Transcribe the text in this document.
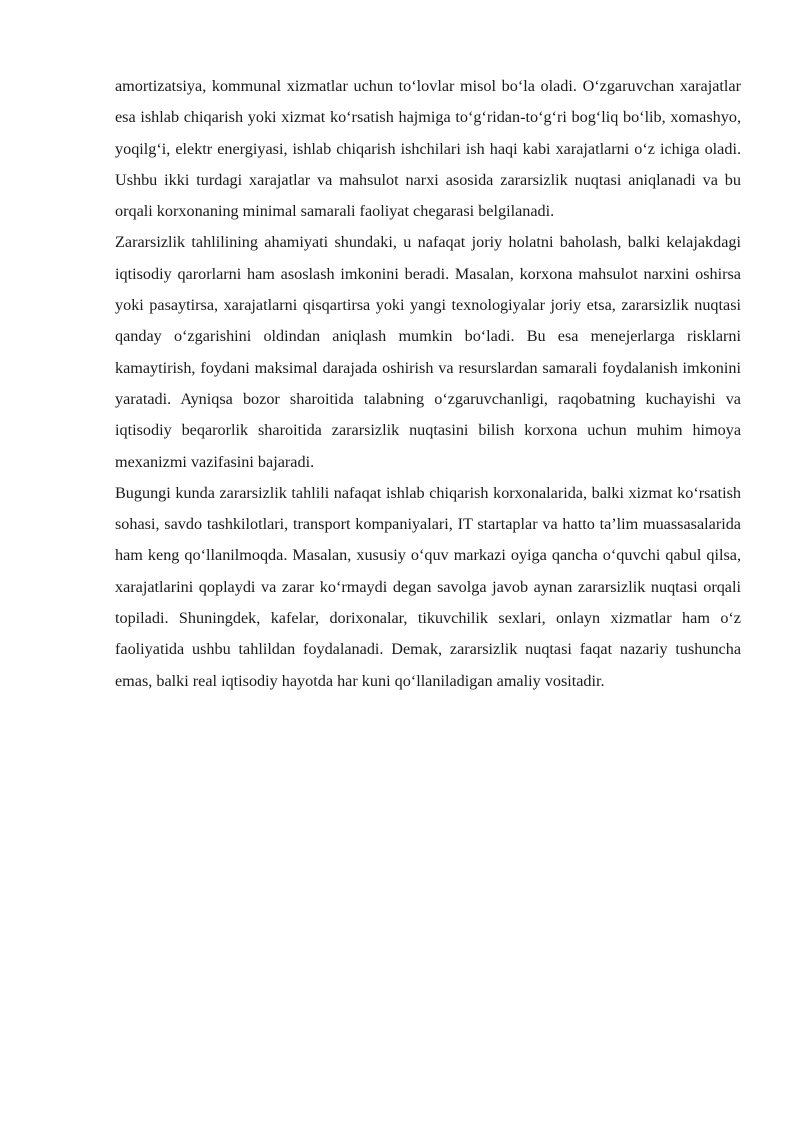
amortizatsiya, kommunal xizmatlar uchun to‘lovlar misol bo‘la oladi. O‘zgaruvchan xarajatlar esa ishlab chiqarish yoki xizmat ko‘rsatish hajmiga to‘g‘ridan-to‘g‘ri bog‘liq bo‘lib, xomashyo, yoqilg‘i, elektr energiyasi, ishlab chiqarish ishchilari ish haqi kabi xarajatlarni o‘z ichiga oladi. Ushbu ikki turdagi xarajatlar va mahsulot narxi asosida zararsizlik nuqtasi aniqlanadi va bu orqali korxonaning minimal samarali faoliyat chegarasi belgilanadi.

Zararsizlik tahlilining ahamiyati shundaki, u nafaqat joriy holatni baholash, balki kelajakdagi iqtisodiy qarorlarni ham asoslash imkonini beradi. Masalan, korxona mahsulot narxini oshirsa yoki pasaytirsa, xarajatlarni qisqartirsa yoki yangi texnologiyalar joriy etsa, zararsizlik nuqtasi qanday o‘zgarishini oldindan aniqlash mumkin bo‘ladi. Bu esa menejerlarga risklarni kamaytirish, foydani maksimal darajada oshirish va resurslardan samarali foydalanish imkonini yaratadi. Ayniqsa bozor sharoitida talabning o‘zgaruvchanligi, raqobatning kuchayishi va iqtisodiy beqarorlik sharoitida zararsizlik nuqtasini bilish korxona uchun muhim himoya mexanizmi vazifasini bajaradi.

Bugungi kunda zararsizlik tahlili nafaqat ishlab chiqarish korxonalarida, balki xizmat ko‘rsatish sohasi, savdo tashkilotlari, transport kompaniyalari, IT startaplar va hatto ta’lim muassasalarida ham keng qo‘llanilmoqda. Masalan, xususiy o‘quv markazi oyiga qancha o‘quvchi qabul qilsa, xarajatlarini qoplaydi va zarar ko‘rmaydi degan savolga javob aynan zararsizlik nuqtasi orqali topiladi. Shuningdek, kafelar, dorixonalar, tikuvchilik sexlari, onlayn xizmatlar ham o‘z faoliyatida ushbu tahlildan foydalanadi. Demak, zararsizlik nuqtasi faqat nazariy tushuncha emas, balki real iqtisodiy hayotda har kuni qo‘llaniladigan amaliy vositadir.
